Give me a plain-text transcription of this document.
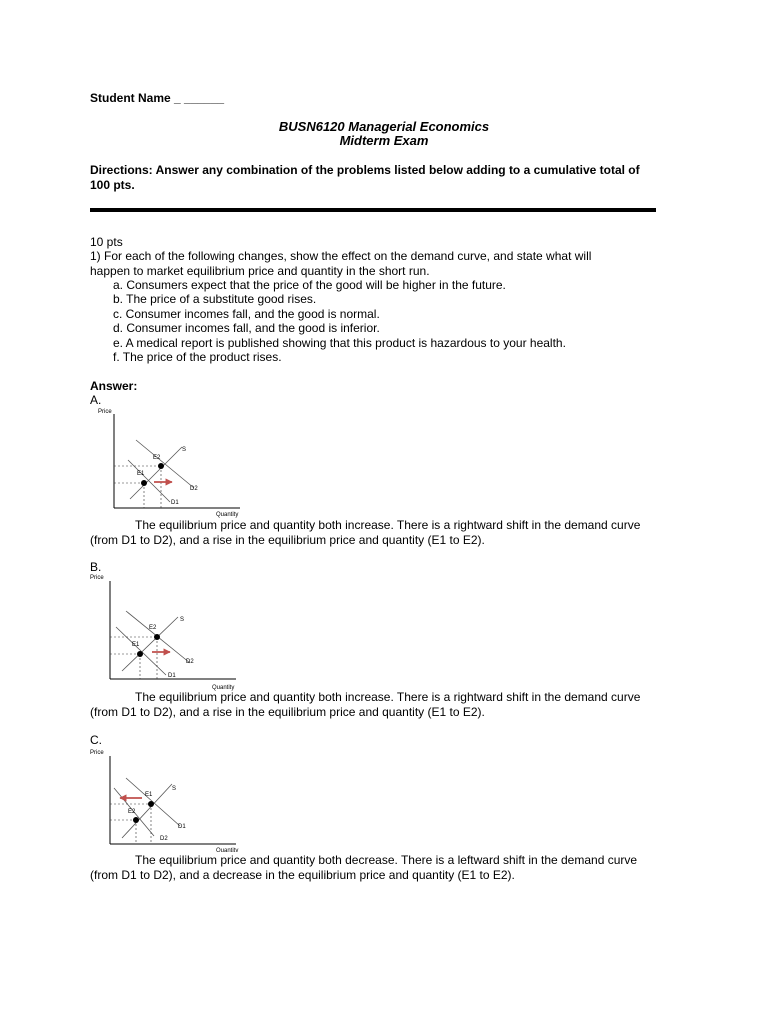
Student Name _ ______
BUSN6120 Managerial Economics
Midterm Exam
Directions: Answer any combination of the problems listed below adding to a cumulative total of
100 pts.
10 pts
1) For each of the following changes, show the effect on the demand curve, and state what will
happen to market equilibrium price and quantity in the short run.
a. Consumers expect that the price of the good will be higher in the future.
b. The price of a substitute good rises.
c. Consumer incomes fall, and the good is normal.
d. Consumer incomes fall, and the good is inferior.
e. A medical report is published showing that this product is hazardous to your health.
f. The price of the product rises.
Answer:
A.
Price
Quantity
S
E2
E1
D2
D1
The equilibrium price and quantity both increase. There is a rightward shift in the demand curve
(from D1 to D2), and a rise in the equilibrium price and quantity (E1 to E2).
B.
Price
Quantity
S
E2
E1
D2
D1
The equilibrium price and quantity both increase. There is a rightward shift in the demand curve
(from D1 to D2), and a rise in the equilibrium price and quantity (E1 to E2).
C.
Price
Quantity
S
E1
E2
D1
D2
The equilibrium price and quantity both decrease. There is a leftward shift in the demand curve
(from D1 to D2), and a decrease in the equilibrium price and quantity (E1 to E2).
